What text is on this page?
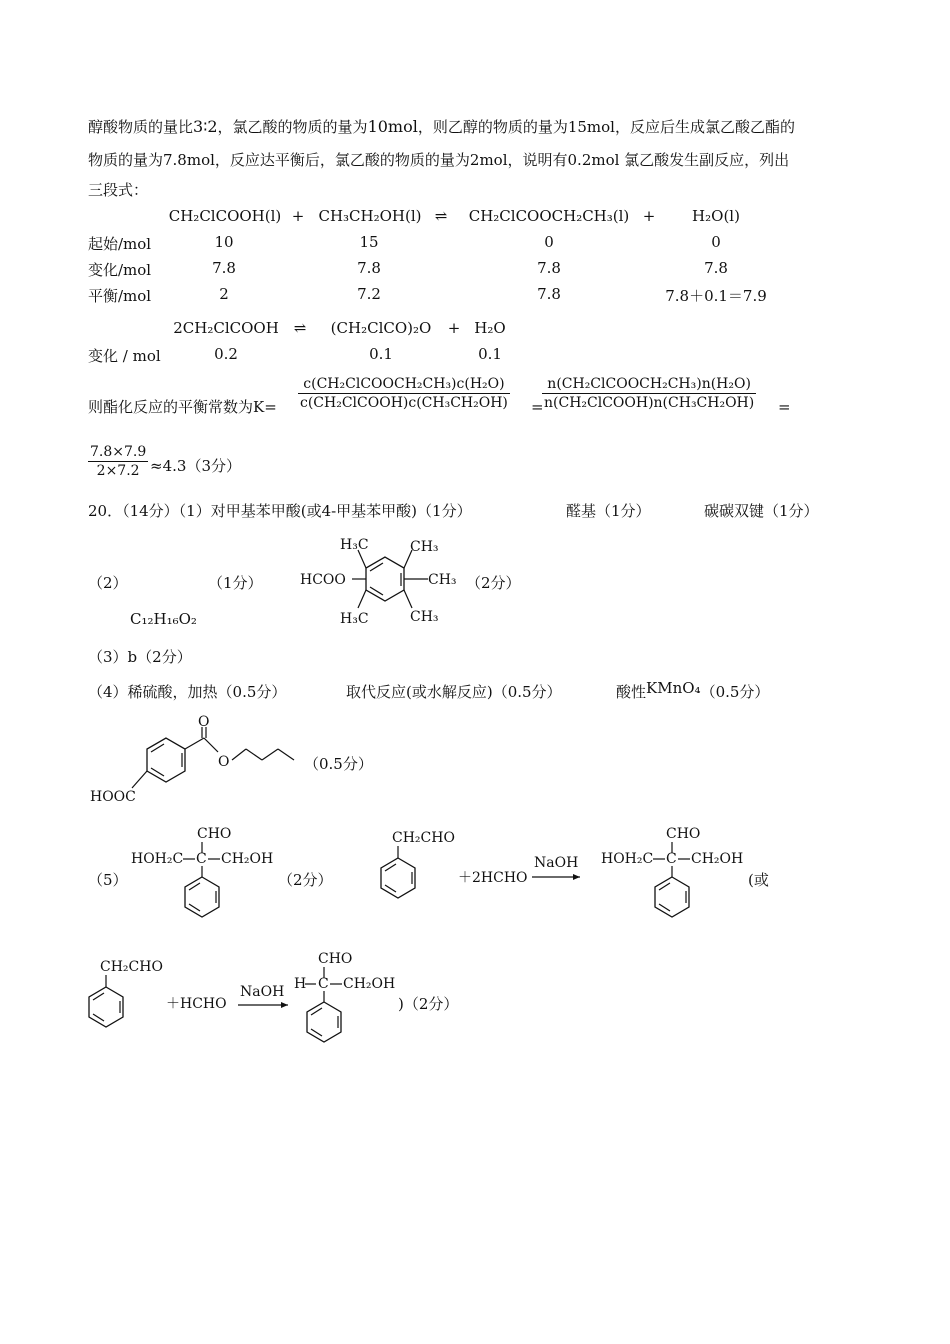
醇酸物质的量比3∶2，氯乙酸的物质的量为10mol，则乙醇的物质的量为15mol，反应后生成氯乙酸乙酯的
物质的量为7.8mol，反应达平衡后，氯乙酸的物质的量为2mol，说明有0.2mol 氯乙酸发生副反应，列出
三段式：
CH₂ClCOOH(l) + CH₃CH₂OH(l) ⇌ CH₂ClCOOCH₂CH₃(l) + H₂O(l)
起始/mol	10	15	0	0
变化/mol	7.8	7.8	7.8	7.8
平衡/mol	2	7.2	7.8	7.8＋0.1＝7.9
2CH₂ClCOOH ⇌ (CH₂ClCO)₂O + H₂O
变化 / mol	0.2	0.1	0.1
则酯化反应的平衡常数为K=
c(CH₂ClCOOCH₂CH₃)c(H₂O)
c(CH₂ClCOOH)c(CH₃CH₂OH) =
n(CH₂ClCOOCH₂CH₃)n(H₂O)
n(CH₂ClCOOH)n(CH₃CH₂OH) =
7.8×7.9
2×7.2 ≈4.3（3分）
20．（14分）（1）对甲基苯甲酸(或4-甲基苯甲酸)（1分）	醛基（1分）	碳碳双键（1分）
（2）	（1分）
C₁₂H₁₆O₂
H₃C	CH₃
HCOO	CH₃
H₃C	CH₃
（2分）
（3）b（2分）
（4）稀硫酸，加热（0.5分）	取代反应(或水解反应)（0.5分）	酸性KMnO₄（0.5分）
O
O
HOOC
（0.5分）
（5）
CHO
HOH₂C C CH₂OH
CH₂CHO
＋2HCHO
NaOH
CHO
HOH₂C C CH₂OH
CH₂CHO
＋HCHO
NaOH
CHO
H C CH₂OH
（2分）	(或
)（2分）
